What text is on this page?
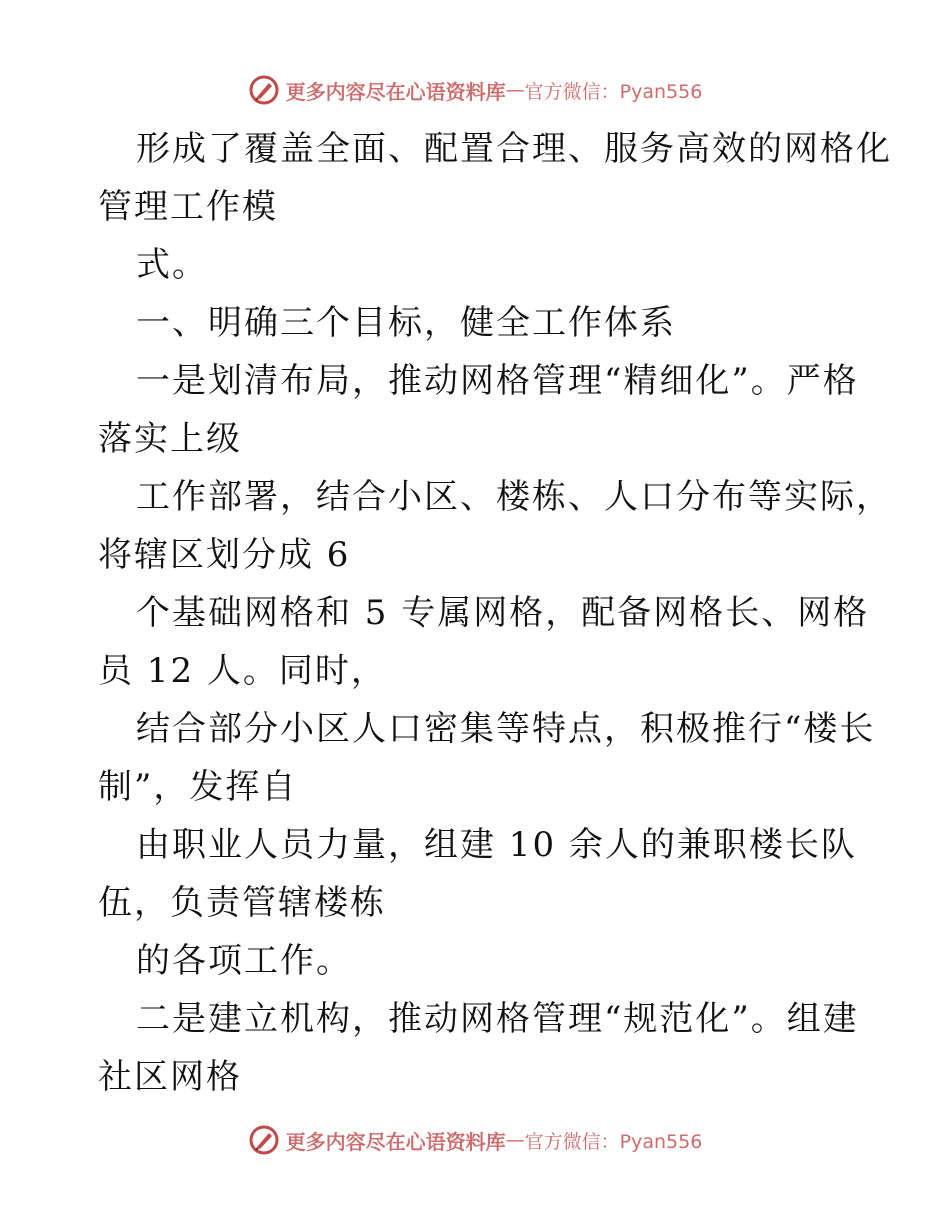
更多内容尽在心语资料库 — 官方微信：Pyan556
形成了覆盖全面、配置合理、服务高效的网格化
管理工作模
式。
一、明确三个目标，健全工作体系
一是划清布局，推动网格管理“精细化”。严格
落实上级
工作部署，结合小区、楼栋、人口分布等实际，
将辖区划分成 6
个基础网格和 5 专属网格，配备网格长、网格
员 12 人。同时，
结合部分小区人口密集等特点，积极推行“楼长
制”，发挥自
由职业人员力量，组建 10 余人的兼职楼长队
伍，负责管辖楼栋
的各项工作。
二是建立机构，推动网格管理“规范化”。组建
社区网格
更多内容尽在心语资料库 — 官方微信：Pyan556
